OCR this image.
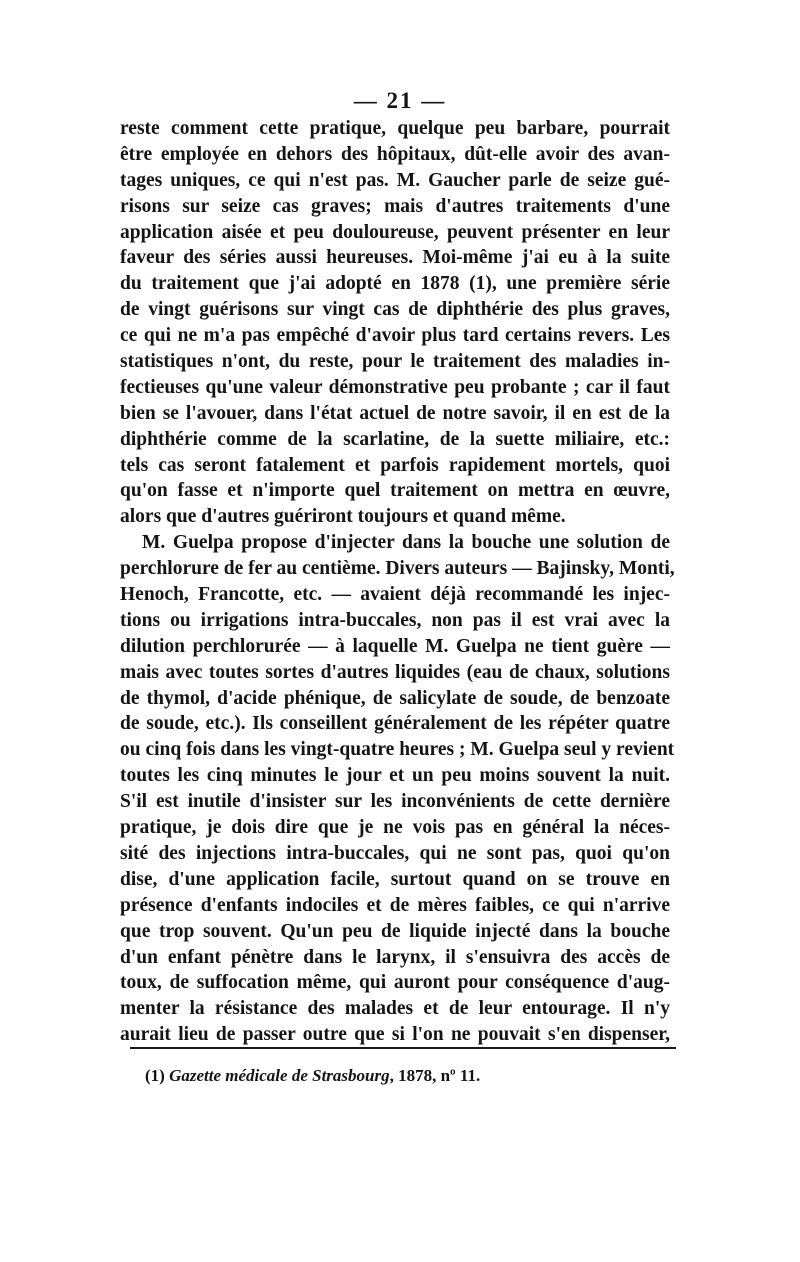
— 21 —
reste comment cette pratique, quelque peu barbare, pourrait
être employée en dehors des hôpitaux, dût-elle avoir des avan-
tages uniques, ce qui n'est pas. M. Gaucher parle de seize gué-
risons sur seize cas graves; mais d'autres traitements d'une
application aisée et peu douloureuse, peuvent présenter en leur
faveur des séries aussi heureuses. Moi-même j'ai eu à la suite
du traitement que j'ai adopté en 1878 (1), une première série
de vingt guérisons sur vingt cas de diphthérie des plus graves,
ce qui ne m'a pas empêché d'avoir plus tard certains revers. Les
statistiques n'ont, du reste, pour le traitement des maladies in-
fectieuses qu'une valeur démonstrative peu probante ; car il faut
bien se l'avouer, dans l'état actuel de notre savoir, il en est de la
diphthérie comme de la scarlatine, de la suette miliaire, etc.:
tels cas seront fatalement et parfois rapidement mortels, quoi
qu'on fasse et n'importe quel traitement on mettra en œuvre,
alors que d'autres guériront toujours et quand même.
M. Guelpa propose d'injecter dans la bouche une solution de
perchlorure de fer au centième. Divers auteurs — Bajinsky, Monti,
Henoch, Francotte, etc. — avaient déjà recommandé les injec-
tions ou irrigations intra-buccales, non pas il est vrai avec la
dilution perchlorurée — à laquelle M. Guelpa ne tient guère —
mais avec toutes sortes d'autres liquides (eau de chaux, solutions
de thymol, d'acide phénique, de salicylate de soude, de benzoate
de soude, etc.). Ils conseillent généralement de les répéter quatre
ou cinq fois dans les vingt-quatre heures ; M. Guelpa seul y revient
toutes les cinq minutes le jour et un peu moins souvent la nuit.
S'il est inutile d'insister sur les inconvénients de cette dernière
pratique, je dois dire que je ne vois pas en général la néces-
sité des injections intra-buccales, qui ne sont pas, quoi qu'on
dise, d'une application facile, surtout quand on se trouve en
présence d'enfants indociles et de mères faibles, ce qui n'arrive
que trop souvent. Qu'un peu de liquide injecté dans la bouche
d'un enfant pénètre dans le larynx, il s'ensuivra des accès de
toux, de suffocation même, qui auront pour conséquence d'aug-
menter la résistance des malades et de leur entourage. Il n'y
aurait lieu de passer outre que si l'on ne pouvait s'en dispenser,
(1) Gazette médicale de Strasbourg, 1878, nº 11.
